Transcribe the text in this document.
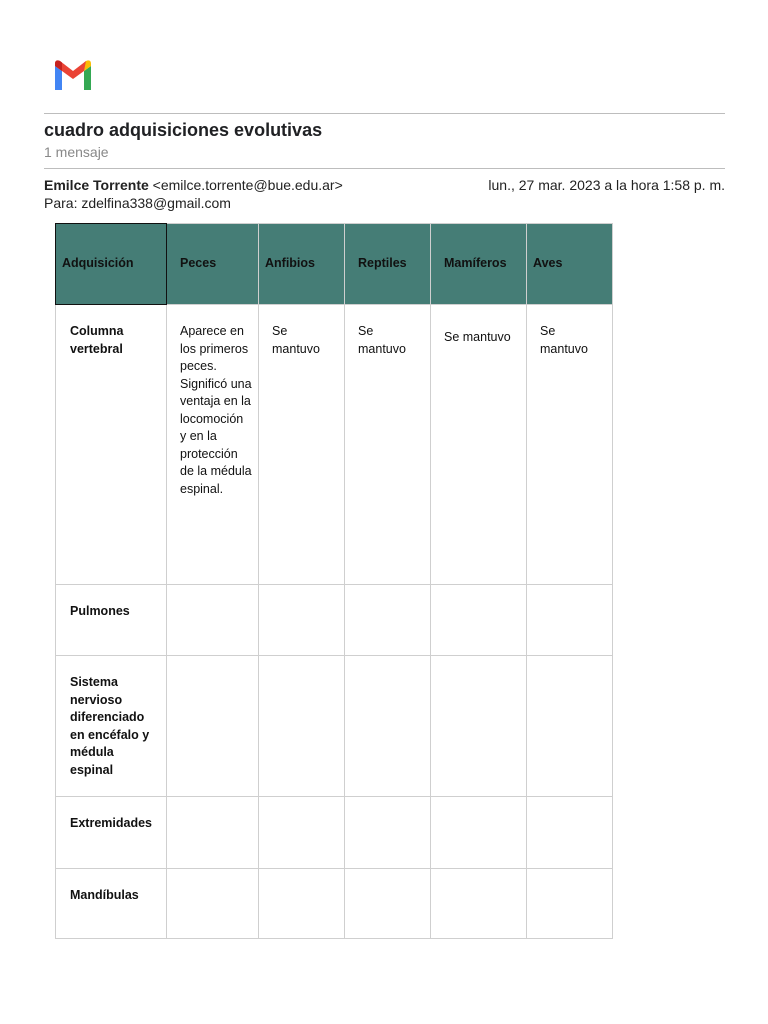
cuadro adquisiciones evolutivas
1 mensaje
Emilce Torrente <emilce.torrente@bue.edu.ar>	lun., 27 mar. 2023 a la hora 1:58 p. m.
Para: zdelfina338@gmail.com
Adquisición	Peces	Anfibios	Reptiles	Mamíferos	Aves
Columna vertebral	Aparece en los primeros peces. Significó una ventaja en la locomoción y en la protección de la médula espinal.	Se mantuvo	Se mantuvo	Se mantuvo	Se mantuvo
Pulmones					
Sistema nervioso diferenciado en encéfalo y médula espinal					
Extremidades					
Mandíbulas					
